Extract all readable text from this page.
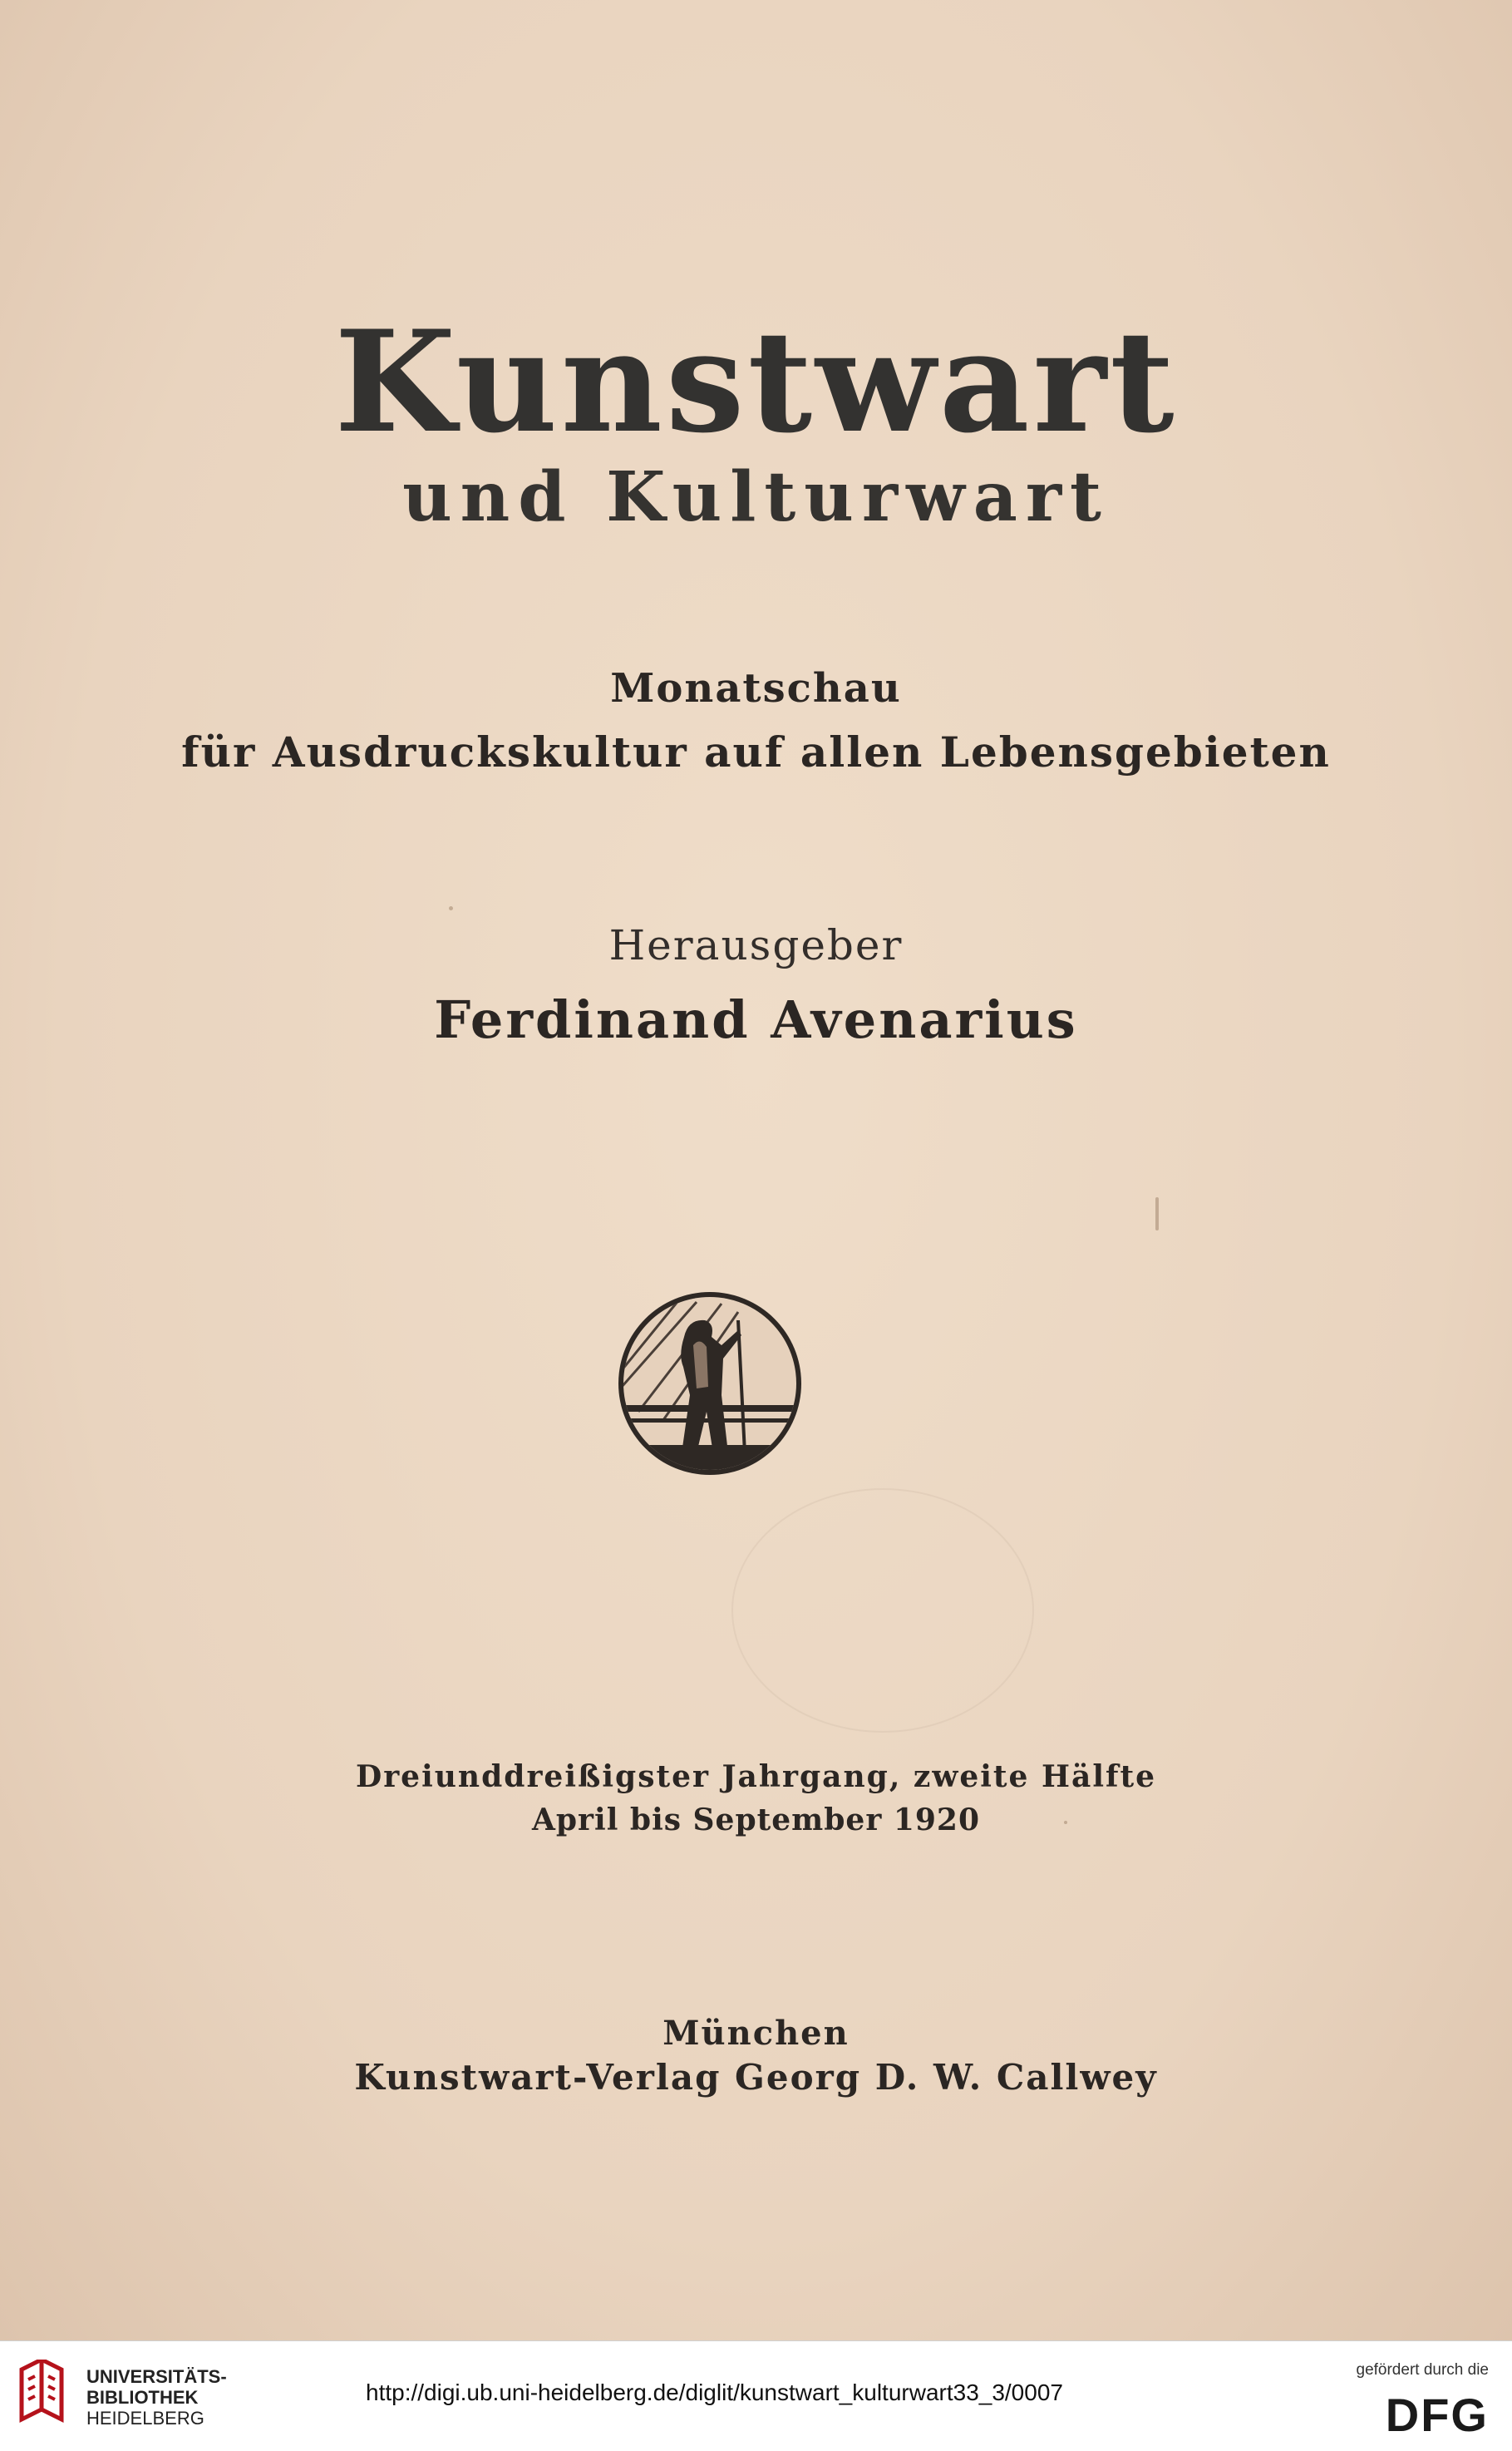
Kunstwart
und Kulturwart
Monatschau
für Ausdruckskultur auf allen Lebensgebieten
Herausgeber
Ferdinand Avenarius
Dreiunddreißigster Jahrgang, zweite Hälfte
April bis September 1920
München
Kunstwart-Verlag Georg D. W. Callwey
UNIVERSITÄTS-
BIBLIOTHEK
HEIDELBERG
http://digi.ub.uni-heidelberg.de/diglit/kunstwart_kulturwart33_3/0007
gefördert durch die
DFG
